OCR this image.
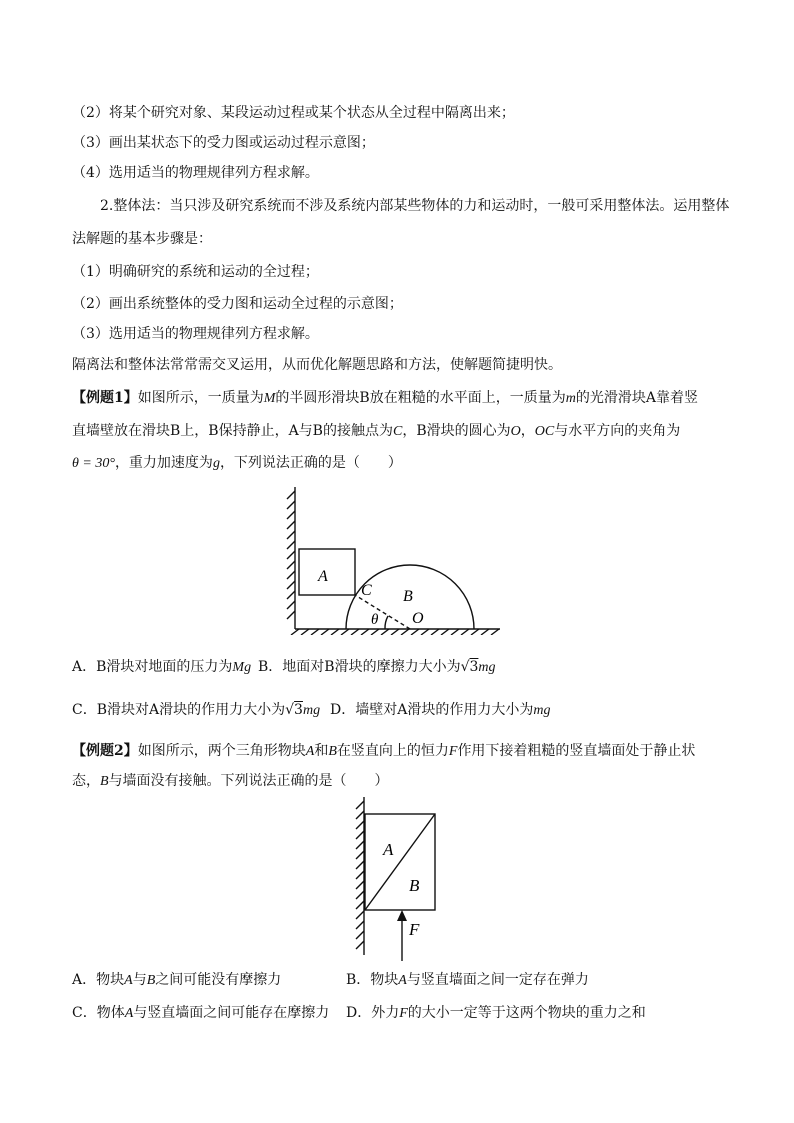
（2）将某个研究对象、某段运动过程或某个状态从全过程中隔离出来；
（3）画出某状态下的受力图或运动过程示意图；
（4）选用适当的物理规律列方程求解。
2.整体法：当只涉及研究系统而不涉及系统内部某些物体的力和运动时，一般可采用整体法。运用整体
法解题的基本步骤是：
（1）明确研究的系统和运动的全过程；
（2）画出系统整体的受力图和运动全过程的示意图；
（3）选用适当的物理规律列方程求解。
隔离法和整体法常常需交叉运用，从而优化解题思路和方法，使解题简捷明快。
【例题1】如图所示，一质量为M的半圆形滑块B放在粗糙的水平面上，一质量为m的光滑滑块A靠着竖
直墙壁放在滑块B上，B保持静止，A与B的接触点为C，B滑块的圆心为O，OC与水平方向的夹角为
θ = 30°，重力加速度为g，下列说法正确的是（　　）
A
C B
O
θ
A．B滑块对地面的压力为Mg B．地面对B滑块的摩擦力大小为√3mg
C．B滑块对A滑块的作用力大小为√3mg D．墙壁对A滑块的作用力大小为mg
【例题2】如图所示，两个三角形物块A和B在竖直向上的恒力F作用下接着粗糙的竖直墙面处于静止状
态，B与墙面没有接触。下列说法正确的是（　　）
A
B
F
A．物块A与B之间可能没有摩擦力	B．物块A与竖直墙面之间一定存在弹力
C．物体A与竖直墙面之间可能存在摩擦力 D．外力F的大小一定等于这两个物块的重力之和
